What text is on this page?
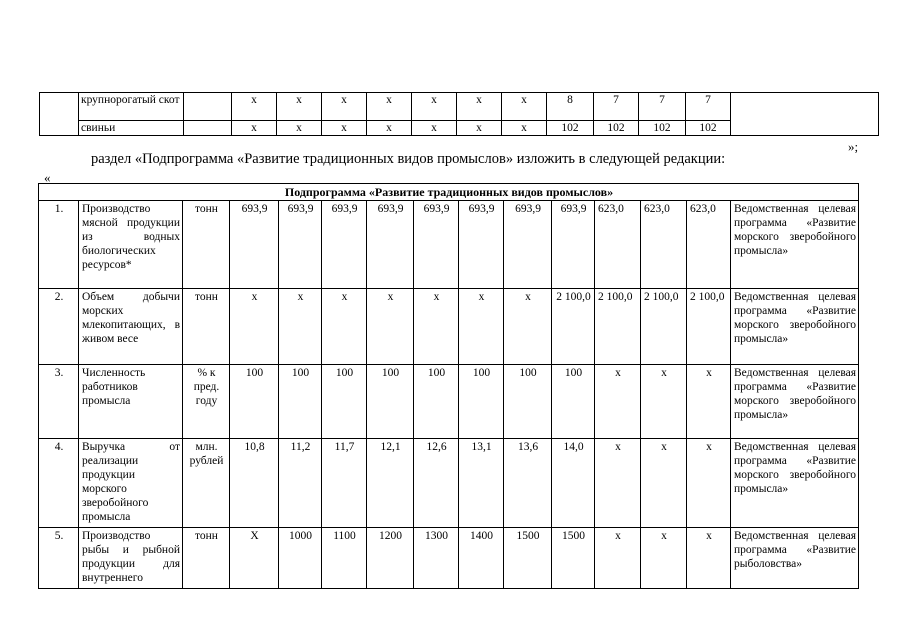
	крупнорогатый скот		х	х	х	х	х	х	х	8	7	7	7	
	свиньи		х	х	х	х	х	х	х	102	102	102	102	
»;
раздел «Подпрограмма «Развитие традиционных видов промыслов» изложить в следующей редакции:
«
Подпрограмма «Развитие традиционных видов промыслов»														
1.	Производство мясной продукции из водных биологических ресурсов*	тонн	693,9	693,9	693,9	693,9	693,9	693,9	693,9	693,9	623,0	623,0	623,0	Ведомственная целевая программа «Развитие морского зверобойного промысла»
2.	Объем добычи морских млекопитающих, в живом весе	тонн	х	х	х	х	х	х	х	2 100,0	2 100,0	2 100,0	2 100,0	Ведомственная целевая программа «Развитие морского зверобойного промысла»
3.	Численность работников промысла	% к пред. году	100	100	100	100	100	100	100	100	х	х	х	Ведомственная целевая программа «Развитие морского зверобойного промысла»
4.	Выручка от реализации продукции морского зверобойного промысла	млн. рублей	10,8	11,2	11,7	12,1	12,6	13,1	13,6	14,0	х	х	х	Ведомственная целевая программа «Развитие морского зверобойного промысла»
5.	Производство рыбы и рыбной продукции для внутреннего	тонн	Х	1000	1100	1200	1300	1400	1500	1500	х	х	х	Ведомственная целевая программа «Развитие рыболовства»
